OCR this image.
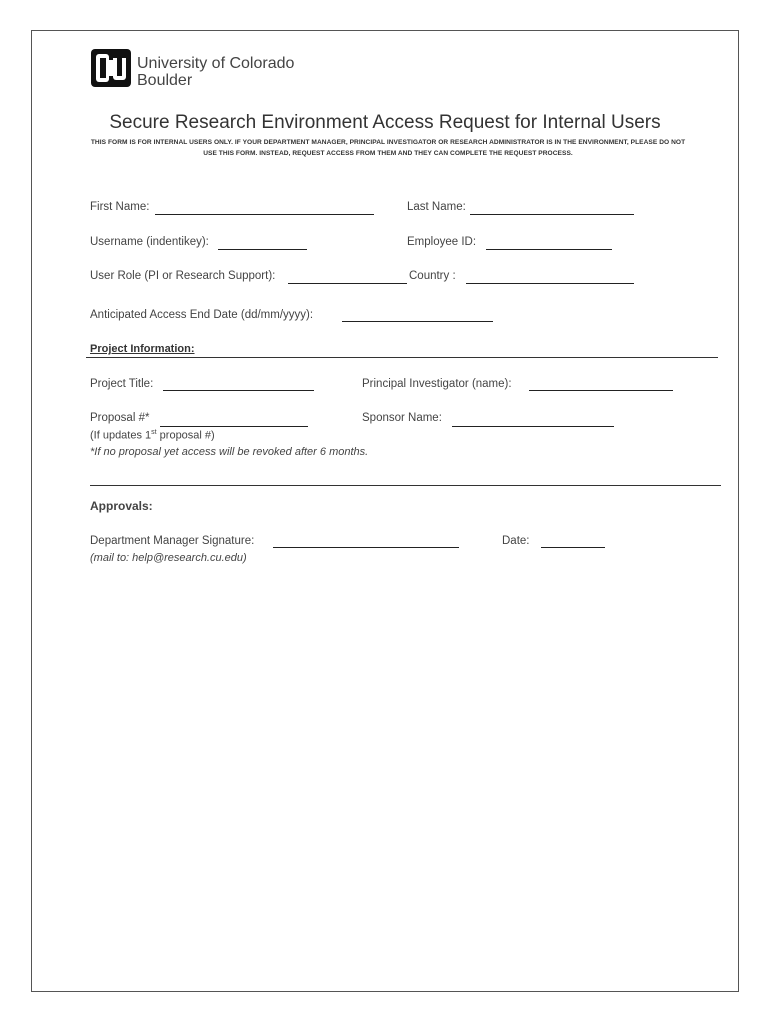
University of Colorado
Boulder
Secure Research Environment Access Request for Internal Users
THIS FORM IS FOR INTERNAL USERS ONLY. IF YOUR DEPARTMENT MANAGER, PRINCIPAL INVESTIGATOR OR RESEARCH ADMINISTRATOR IS IN THE ENVIRONMENT, PLEASE DO NOT USE THIS FORM. INSTEAD, REQUEST ACCESS FROM THEM AND THEY CAN COMPLETE THE REQUEST PROCESS.
First Name:	Last Name:
Username (indentikey):	Employee ID:
User Role (PI or Research Support):	Country :
Anticipated Access End Date (dd/mm/yyyy):
Project Information:
Project Title:	Principal Investigator (name):
Proposal #*	Sponsor Name:
(If updates 1st proposal #)
*If no proposal yet access will be revoked after 6 months.
Approvals:
Department Manager Signature:	Date:
(mail to: help@research.cu.edu)
